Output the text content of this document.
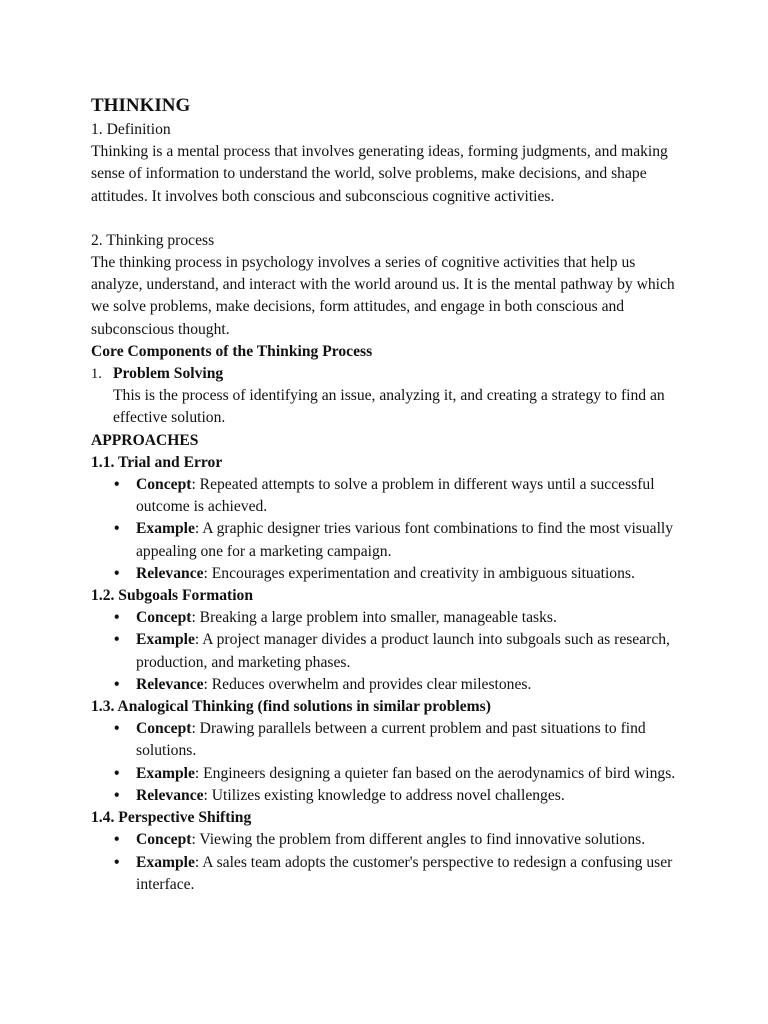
THINKING

1. Definition

Thinking is a mental process that involves generating ideas, forming judgments, and making sense of information to understand the world, solve problems, make decisions, and shape attitudes. It involves both conscious and subconscious cognitive activities.

2. Thinking process

The thinking process in psychology involves a series of cognitive activities that help us analyze, understand, and interact with the world around us. It is the mental pathway by which we solve problems, make decisions, form attitudes, and engage in both conscious and subconscious thought.

Core Components of the Thinking Process

1. Problem Solving
This is the process of identifying an issue, analyzing it, and creating a strategy to find an effective solution.

APPROACHES

1.1. Trial and Error

• Concept: Repeated attempts to solve a problem in different ways until a successful outcome is achieved.
• Example: A graphic designer tries various font combinations to find the most visually appealing one for a marketing campaign.
• Relevance: Encourages experimentation and creativity in ambiguous situations.

1.2. Subgoals Formation

• Concept: Breaking a large problem into smaller, manageable tasks.
• Example: A project manager divides a product launch into subgoals such as research, production, and marketing phases.
• Relevance: Reduces overwhelm and provides clear milestones.

1.3. Analogical Thinking (find solutions in similar problems)

• Concept: Drawing parallels between a current problem and past situations to find solutions.
• Example: Engineers designing a quieter fan based on the aerodynamics of bird wings.
• Relevance: Utilizes existing knowledge to address novel challenges.

1.4. Perspective Shifting

• Concept: Viewing the problem from different angles to find innovative solutions.
• Example: A sales team adopts the customer's perspective to redesign a confusing user interface.
